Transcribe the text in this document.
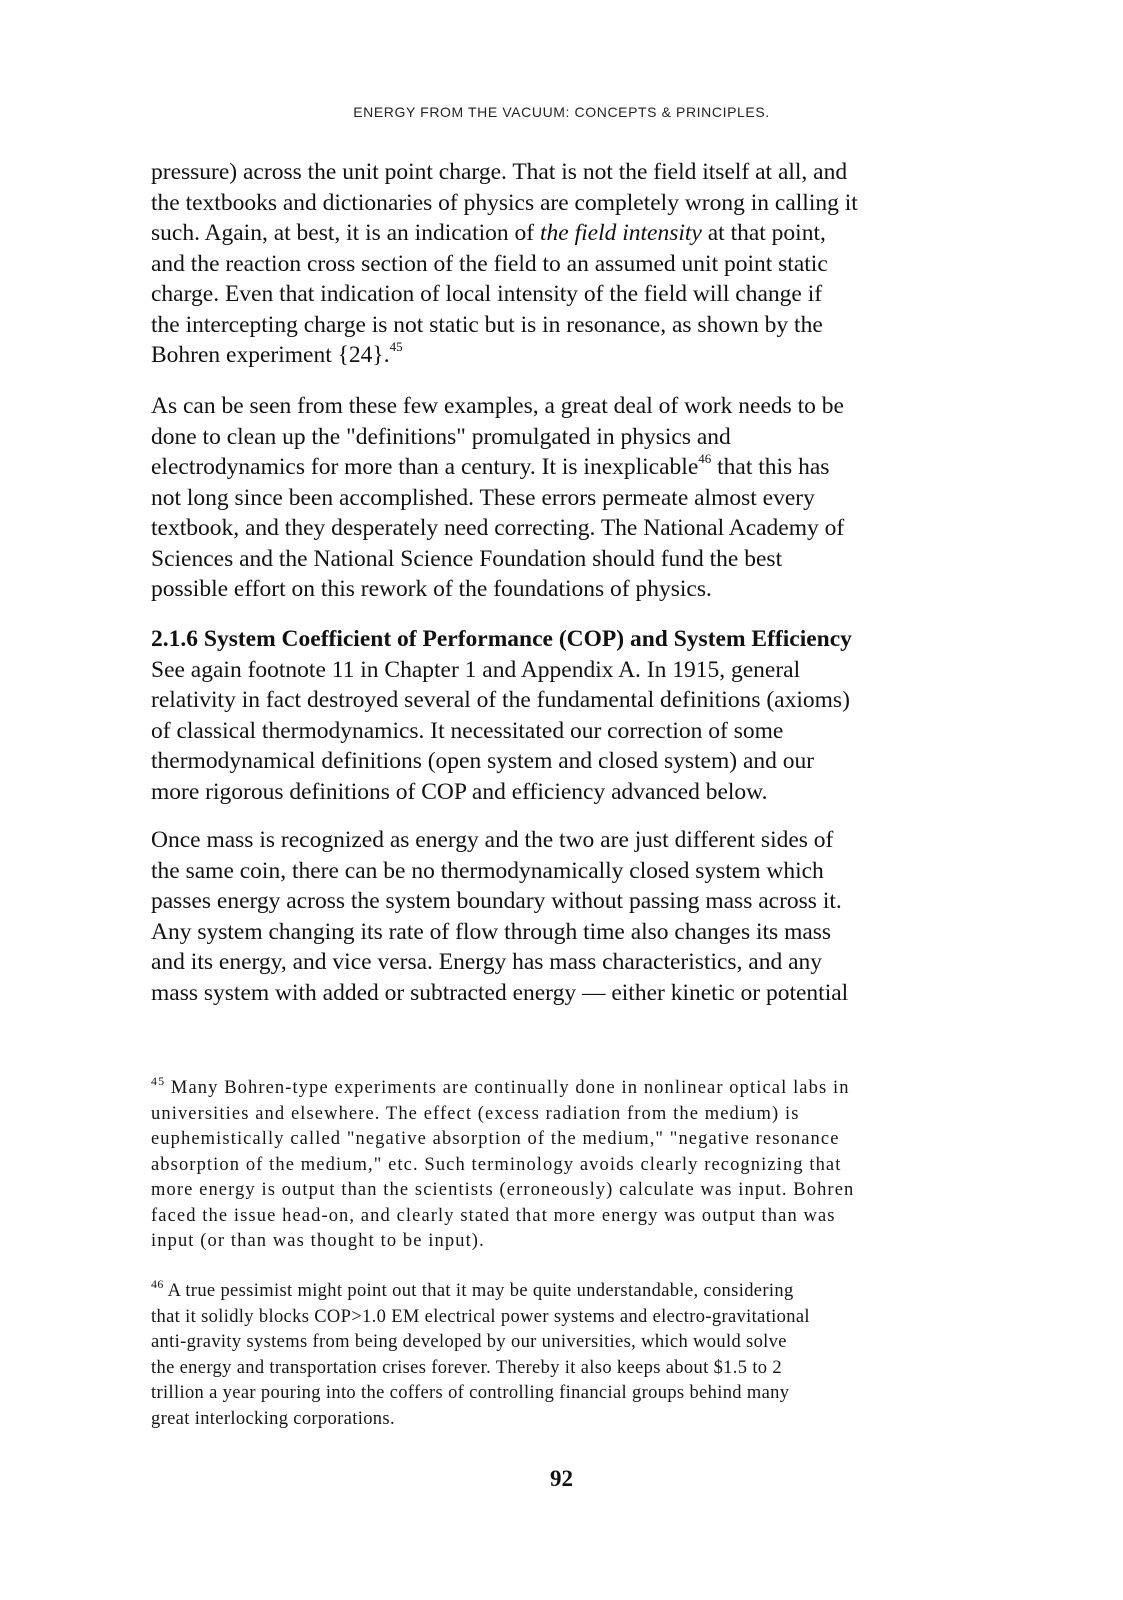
ENERGY FROM THE VACUUM: CONCEPTS & PRINCIPLES.
pressure) across the unit point charge. That is not the field itself at all, and
the textbooks and dictionaries of physics are completely wrong in calling it
such. Again, at best, it is an indication of the field intensity at that point,
and the reaction cross section of the field to an assumed unit point static
charge. Even that indication of local intensity of the field will change if
the intercepting charge is not static but is in resonance, as shown by the
Bohren experiment {24}.$^{45}$
As can be seen from these few examples, a great deal of work needs to be
done to clean up the "definitions" promulgated in physics and
electrodynamics for more than a century. It is inexplicable$^{46}$ that this has
not long since been accomplished. These errors permeate almost every
textbook, and they desperately need correcting. The National Academy of
Sciences and the National Science Foundation should fund the best
possible effort on this rework of the foundations of physics.
2.1.6 System Coefficient of Performance (COP) and System Efficiency
See again footnote 11 in Chapter 1 and Appendix A. In 1915, general
relativity in fact destroyed several of the fundamental definitions (axioms)
of classical thermodynamics. It necessitated our correction of some
thermodynamical definitions (open system and closed system) and our
more rigorous definitions of COP and efficiency advanced below.
Once mass is recognized as energy and the two are just different sides of
the same coin, there can be no thermodynamically closed system which
passes energy across the system boundary without passing mass across it.
Any system changing its rate of flow through time also changes its mass
and its energy, and vice versa. Energy has mass characteristics, and any
mass system with added or subtracted energy — either kinetic or potential
$^{45}$ Many Bohren-type experiments are continually done in nonlinear optical labs in
universities and elsewhere. The effect (excess radiation from the medium) is
euphemistically called "negative absorption of the medium," "negative resonance
absorption of the medium," etc. Such terminology avoids clearly recognizing that
more energy is output than the scientists (erroneously) calculate was input. Bohren
faced the issue head-on, and clearly stated that more energy was output than was
input (or than was thought to be input).
$^{46}$ A true pessimist might point out that it may be quite understandable, considering
that it solidly blocks COP>1.0 EM electrical power systems and electro-gravitational
anti-gravity systems from being developed by our universities, which would solve
the energy and transportation crises forever. Thereby it also keeps about $1.5 to 2
trillion a year pouring into the coffers of controlling financial groups behind many
great interlocking corporations.
92
